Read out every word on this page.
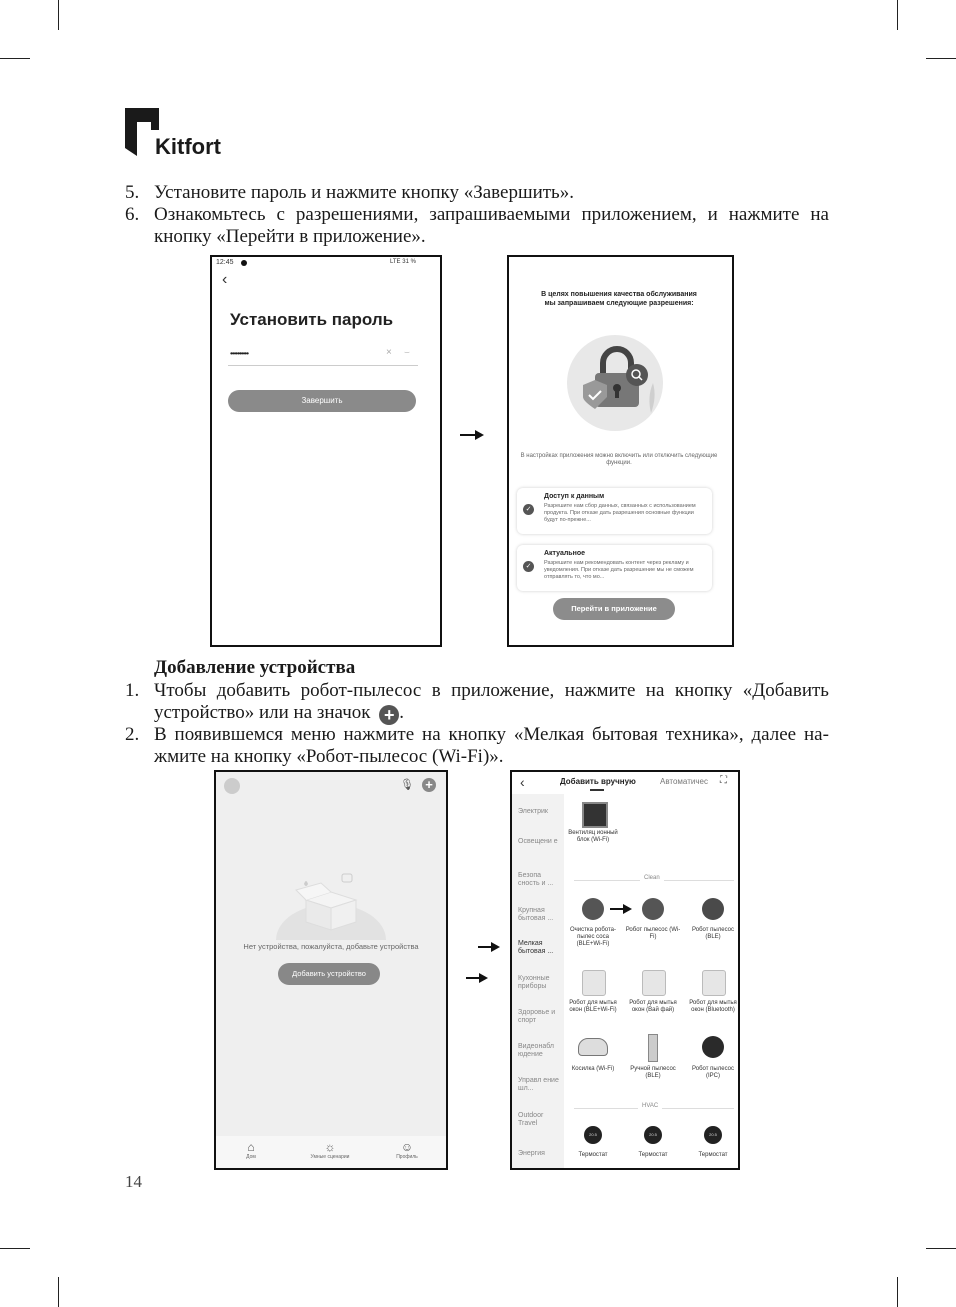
Kitfort
5. Установите пароль и нажмите кнопку «Завершить».
6. Ознакомьтесь с разрешениями, запрашиваемыми приложением, и нажмите на
кнопку «Перейти в приложение».
12:45	LTE 31 %
‹
Установить пароль
••••••••••	× ⌣
Завершить
В целях повышения качества обслуживания мы запрашиваем следующие разрешения:
В настройках приложения можно включить или отключить следующие функции.
✓
Доступ к данным
Разрешите нам сбор данных, связанных с использованием продукта. При отказе дать разрешения основные функции будут по-прежне...
✓
Актуальное
Разрешите нам рекомендовать контент через рекламу и уведомления. При отказе дать разрешение мы не сможем отправлять то, что мо...
Перейти в приложение
Добавление устройства
1. Чтобы добавить робот-пылесос в приложение, нажмите на кнопку «Добавить
устройство» или на значок + .
2. В появившемся меню нажмите на кнопку «Мелкая бытовая техника», далее на-
жмите на кнопку «Робот-пылесос (Wi-Fi)».
🎙 +
Нет устройства, пожалуйста, добавьте устройства
Добавить устройство
⌂
Дом
☼
Умные сценарии
☺
Профиль
‹	Добавить вручную	Автоматичес	⛶
Электрик
Освещени е
Безопа сность и ...
Крупная бытовая ...
Мелкая бытовая ...
Кухонные приборы
Здоровье и спорт
Видеонабл юдение
Управл ение шл...
Outdoor Travel
Энергия
Вентиляц ионный блок (Wi-Fi)
Clean
Очистка робота-пылес соса (BLE+Wi-Fi)
Робот пылесос (Wi-Fi)
Робот пылесос (BLE)
Робот для мытья окон (BLE+Wi-Fi)
Робот для мытья окон (Вай фай)
Робот для мытья окон (Bluetooth)
Косилка (Wi-Fi)	Ручной пылесос (BLE)
Робот пылесос (IPC)
HVAC
20.5	20.5	20.5
Термостат	Термостат	Термостат
14
